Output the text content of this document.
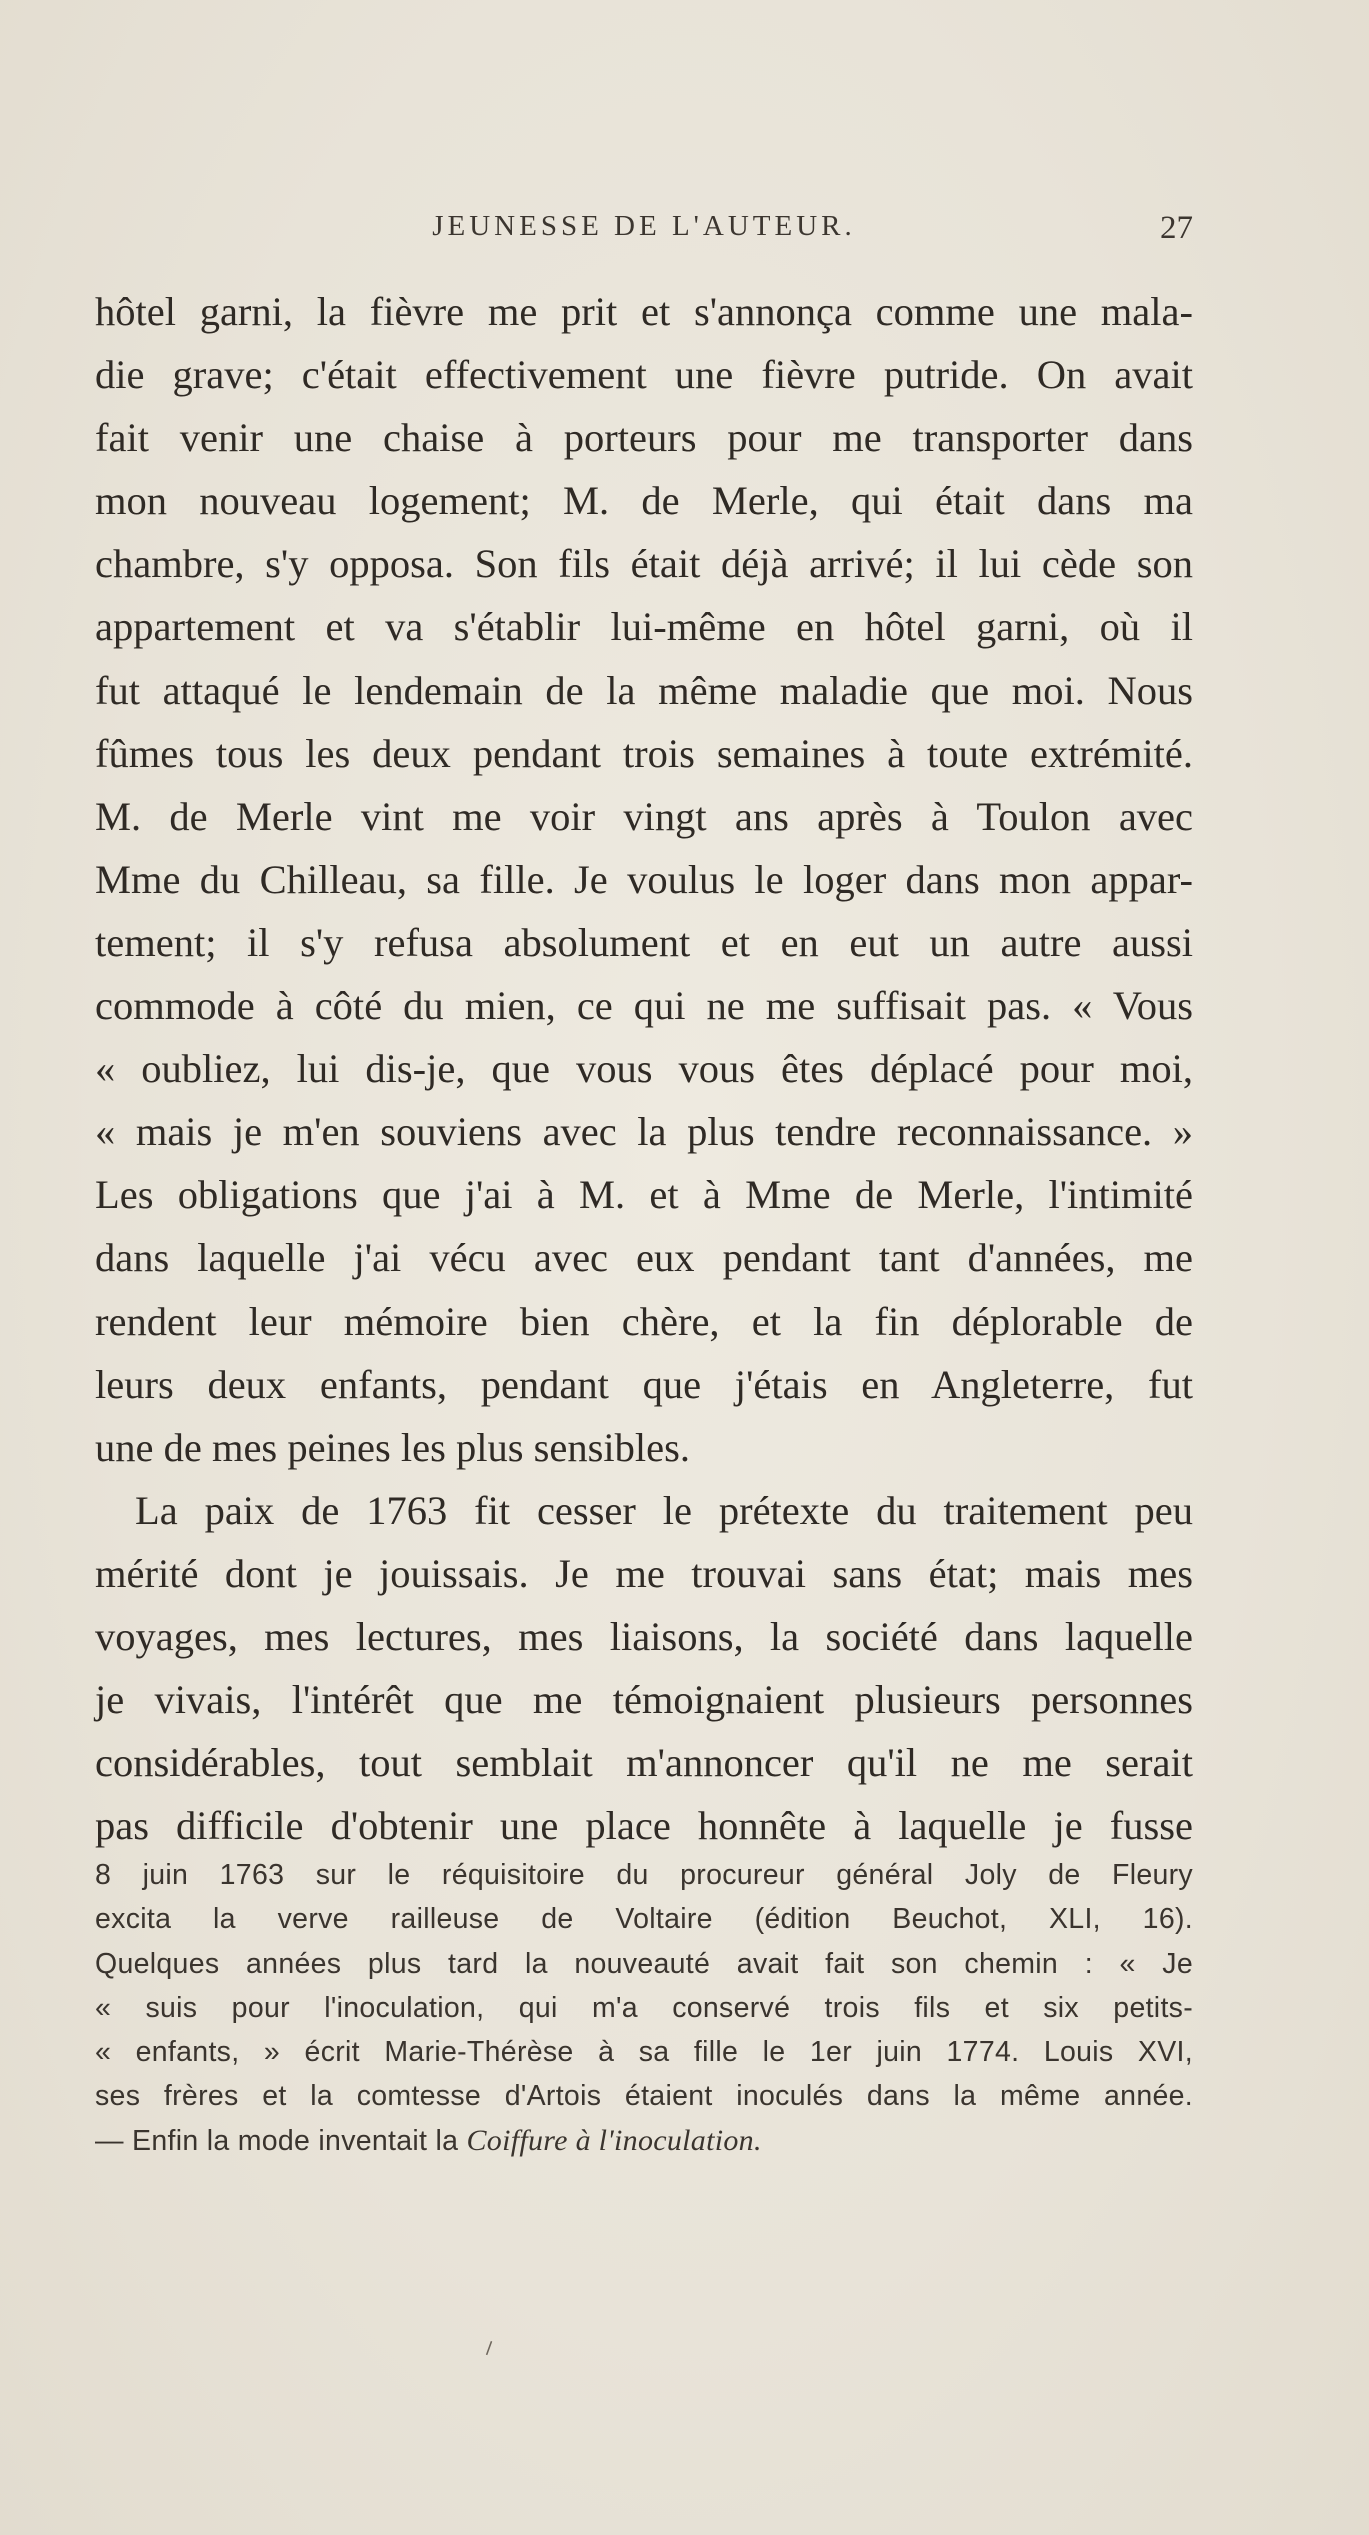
JEUNESSE DE L'AUTEUR.	27
hôtel garni, la fièvre me prit et s'annonça comme une mala-
die grave; c'était effectivement une fièvre putride. On avait
fait venir une chaise à porteurs pour me transporter dans
mon nouveau logement; M. de Merle, qui était dans ma
chambre, s'y opposa. Son fils était déjà arrivé; il lui cède son
appartement et va s'établir lui-même en hôtel garni, où il
fut attaqué le lendemain de la même maladie que moi. Nous
fûmes tous les deux pendant trois semaines à toute extrémité.
M. de Merle vint me voir vingt ans après à Toulon avec
Mme du Chilleau, sa fille. Je voulus le loger dans mon appar-
tement; il s'y refusa absolument et en eut un autre aussi
commode à côté du mien, ce qui ne me suffisait pas. « Vous
« oubliez, lui dis-je, que vous vous êtes déplacé pour moi,
« mais je m'en souviens avec la plus tendre reconnaissance. »
Les obligations que j'ai à M. et à Mme de Merle, l'intimité
dans laquelle j'ai vécu avec eux pendant tant d'années, me
rendent leur mémoire bien chère, et la fin déplorable de
leurs deux enfants, pendant que j'étais en Angleterre, fut
une de mes peines les plus sensibles.
La paix de 1763 fit cesser le prétexte du traitement peu
mérité dont je jouissais. Je me trouvai sans état; mais mes
voyages, mes lectures, mes liaisons, la société dans laquelle
je vivais, l'intérêt que me témoignaient plusieurs personnes
considérables, tout semblait m'annoncer qu'il ne me serait
pas difficile d'obtenir une place honnête à laquelle je fusse
8 juin 1763 sur le réquisitoire du procureur général Joly de Fleury
excita la verve railleuse de Voltaire (édition Beuchot, XLI, 16).
Quelques années plus tard la nouveauté avait fait son chemin : « Je
« suis pour l'inoculation, qui m'a conservé trois fils et six petits-
« enfants, » écrit Marie-Thérèse à sa fille le 1er juin 1774. Louis XVI,
ses frères et la comtesse d'Artois étaient inoculés dans la même année.
— Enfin la mode inventait la Coiffure à l'inoculation.
⸝
